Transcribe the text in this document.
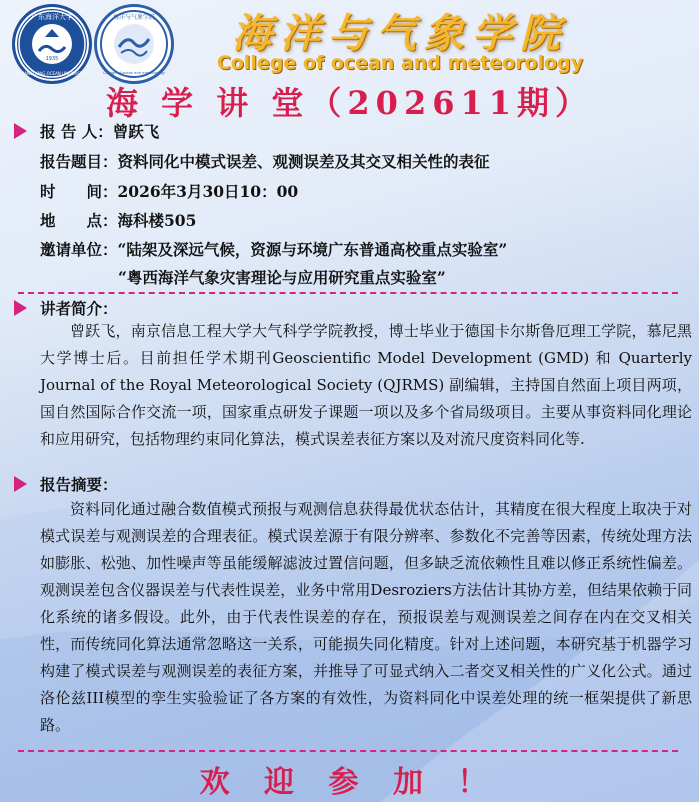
广东海洋大学
GUANGDONG OCEAN UNIVERSITY
1935
海洋与气象学院
College of ocean and meteorology
海洋与气象学院
College of ocean and meteorology
海 学 讲 堂（202611期）
报 告 人：曾跃飞
报告题目：资料同化中模式误差、观测误差及其交叉相关性的表征
时　　间：2026年3月30日10：00
地　　点：海科楼505
邀请单位：“陆架及深远气候，资源与环境广东普通高校重点实验室”
“粤西海洋气象灾害理论与应用研究重点实验室”
讲者简介：
曾跃飞，南京信息工程大学大气科学学院教授，博士毕业于德国卡尔斯鲁厄理工学院，慕尼黑大学博士后。目前担任学术期刊Geoscientific Model Development (GMD) 和 Quarterly Journal of the Royal Meteorological Society (QJRMS) 副编辑，主持国自然面上项目两项，国自然国际合作交流一项，国家重点研发子课题一项以及多个省局级项目。主要从事资料同化理论和应用研究，包括物理约束同化算法，模式误差表征方案以及对流尺度资料同化等.
报告摘要：
资料同化通过融合数值模式预报与观测信息获得最优状态估计，其精度在很大程度上取决于对模式误差与观测误差的合理表征。模式误差源于有限分辨率、参数化不完善等因素，传统处理方法如膨胀、松弛、加性噪声等虽能缓解滤波过置信问题，但多缺乏流依赖性且难以修正系统性偏差。观测误差包含仪器误差与代表性误差，业务中常用Desroziers方法估计其协方差，但结果依赖于同化系统的诸多假设。此外，由于代表性误差的存在，预报误差与观测误差之间存在内在交叉相关性，而传统同化算法通常忽略这一关系，可能损失同化精度。针对上述问题，本研究基于机器学习构建了模式误差与观测误差的表征方案，并推导了可显式纳入二者交叉相关性的广义化公式。通过洛伦兹III模型的孪生实验验证了各方案的有效性，为资料同化中误差处理的统一框架提供了新思路。
欢 迎 参 加 ！
